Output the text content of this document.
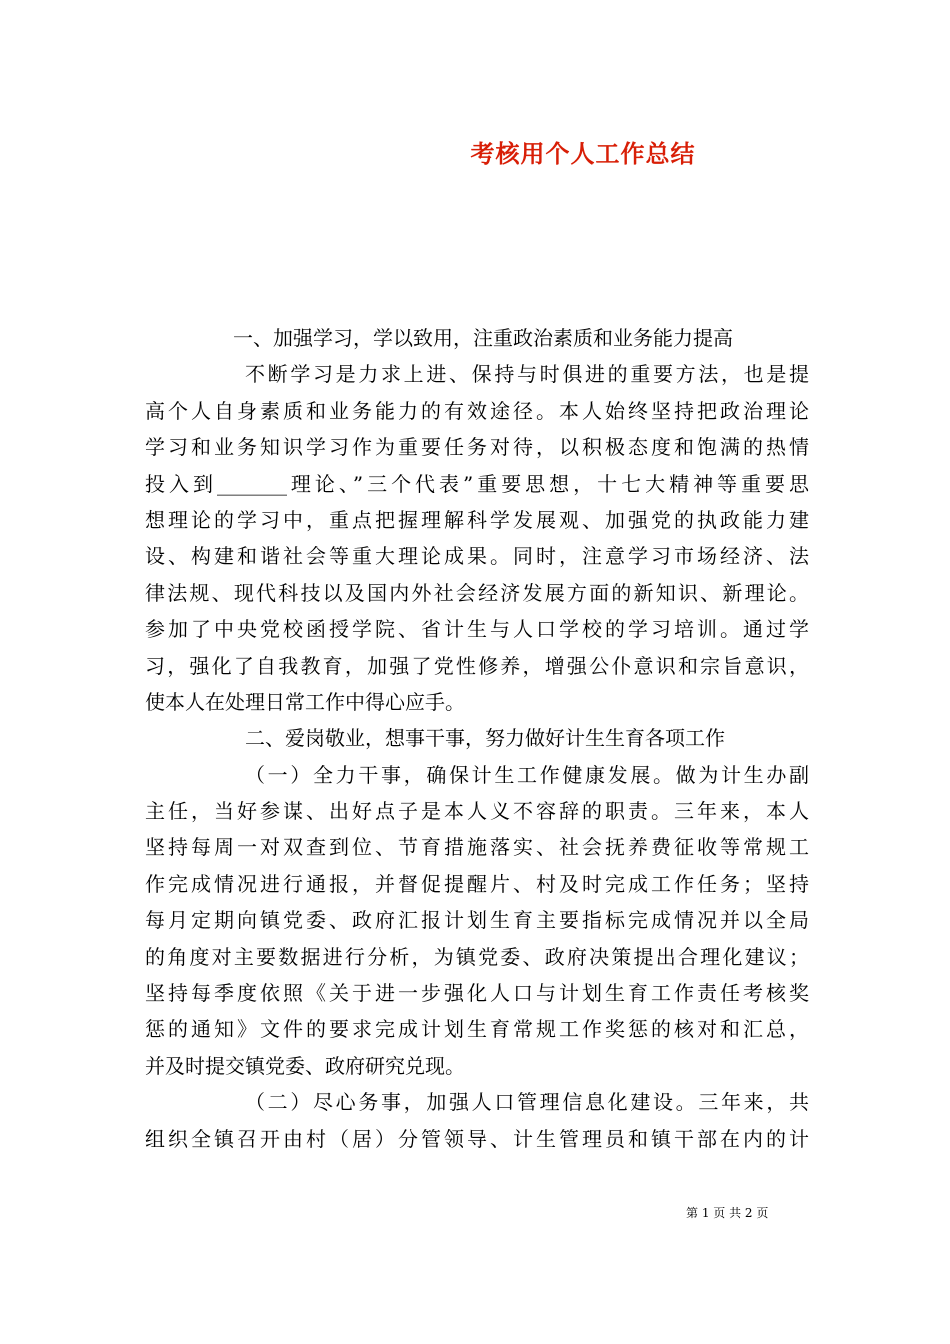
考核用个人工作总结
一、加强学习，学以致用，注重政治素质和业务能力提高
不断学习是力求上进、保持与时俱进的重要方法，也是提
高个人自身素质和业务能力的有效途径。本人始终坚持把政治理论
学习和业务知识学习作为重要任务对待，以积极态度和饱满的热情
投入到_______理论、”三个代表”重要思想，十七大精神等重要思
想理论的学习中，重点把握理解科学发展观、加强党的执政能力建
设、构建和谐社会等重大理论成果。同时，注意学习市场经济、法
律法规、现代科技以及国内外社会经济发展方面的新知识、新理论。
参加了中央党校函授学院、省计生与人口学校的学习培训。通过学
习，强化了自我教育，加强了党性修养，增强公仆意识和宗旨意识，
使本人在处理日常工作中得心应手。
二、爱岗敬业，想事干事，努力做好计生生育各项工作
（一）全力干事，确保计生工作健康发展。做为计生办副
主任，当好参谋、出好点子是本人义不容辞的职责。三年来，本人
坚持每周一对双查到位、节育措施落实、社会抚养费征收等常规工
作完成情况进行通报，并督促提醒片、村及时完成工作任务；坚持
每月定期向镇党委、政府汇报计划生育主要指标完成情况并以全局
的角度对主要数据进行分析，为镇党委、政府决策提出合理化建议；
坚持每季度依照《关于进一步强化人口与计划生育工作责任考核奖
惩的通知》文件的要求完成计划生育常规工作奖惩的核对和汇总，
并及时提交镇党委、政府研究兑现。
（二）尽心务事，加强人口管理信息化建设。三年来，共
组织全镇召开由村（居）分管领导、计生管理员和镇干部在内的计
第 1 页 共 2 页
